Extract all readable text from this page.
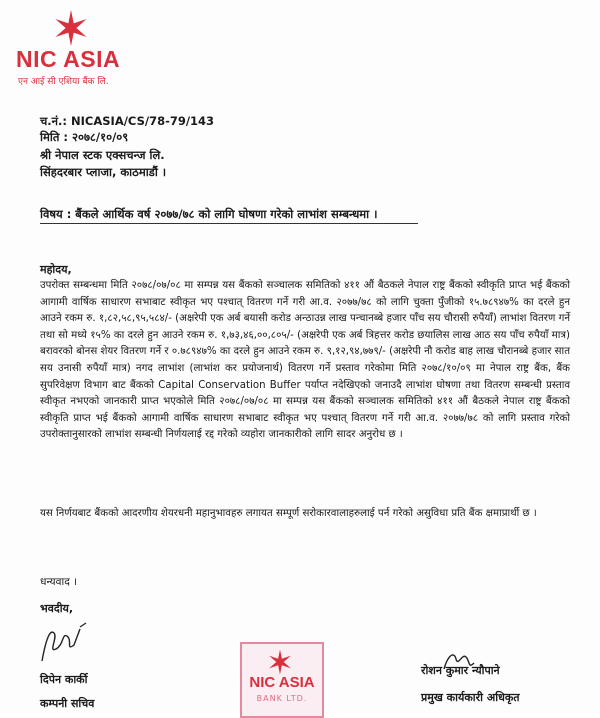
NIC ASIA
एन आई सी एशिया बैंक लि.
च.नं.: NICASIA/CS/78-79/143
मिति : २०७८/१०/०९
श्री नेपाल स्टक एक्सचन्ज लि.
सिंहदरबार प्लाजा, काठमाडौं ।
विषय : बैंकले आर्थिक वर्ष २०७७/७८ को लागि घोषणा गरेको लाभांश सम्बन्धमा ।
महोदय,
उपरोक्त सम्बन्धमा मिति २०७८/०७/०८ मा सम्पन्न यस बैंकको सञ्चालक समितिको ४११ औं बैठकले नेपाल राष्ट्र बैंकको स्वीकृति प्राप्त भई बैंकको आगामी वार्षिक साधारण सभाबाट स्वीकृत भए पश्चात् वितरण गर्ने गरी आ.व. २०७७/७८ को लागि चुक्ता पुँजीको १५.७८९४७% का दरले हुन आउने रकम रु. १,८२,५८,९५,५८४/- (अक्षरेपी एक अर्ब बयासी करोड अन्ठाउन्न लाख पन्चानब्बे हजार पाँच सय चौरासी रुपैयाँ) लाभांश वितरण गर्ने तथा सो मध्ये १५% का दरले हुन आउने रकम रु. १,७३,४६,००,८०५/- (अक्षरेपी एक अर्ब त्रिहत्तर करोड छयालिस लाख आठ सय पाँच रुपैयाँ मात्र) बरावरको बोनस शेयर वितरण गर्ने र ०.७८९४७% का दरले हुन आउने रकम रु. ९,१२,९४,७७९/- (अक्षरेपी नौ करोड बाह लाख चौरानब्बे हजार सात सय उनासी रुपैयाँ मात्र) नगद लाभांश (लाभांश कर प्रयोजनार्थ) वितरण गर्ने प्रस्ताव गरेकोमा मिति २०७८/१०/०९ मा नेपाल राष्ट्र बैंक, बैंक सुपरिवेक्षण विभाग बाट बैंकको Capital Conservation Buffer पर्याप्त नदेखिएको जनाउदै लाभांश घोषणा तथा वितरण सम्बन्धी प्रस्ताव स्वीकृत नभएको जानकारी प्राप्त भएकोले मिति २०७८/०७/०८ मा सम्पन्न यस बैंकको सञ्चालक समितिको ४११ औं बैठकले नेपाल राष्ट्र बैंकको स्वीकृति प्राप्त भई बैंकको आगामी वार्षिक साधारण सभाबाट स्वीकृत भए पश्चात् वितरण गर्ने गरी आ.व. २०७७/७८ को लागि प्रस्ताव गरेको उपरोक्तानुसारको लाभांश सम्बन्धी निर्णयलाई रद्द गरेको व्यहोरा जानकारीको लागि सादर अनुरोध छ ।
यस निर्णयबाट बैंकको आदरणीय शेयरधनी महानुभावहरु लगायत सम्पूर्ण सरोकारवालाहरुलाई पर्न गरेको असुविधा प्रति बैंक क्षमाप्रार्थी छ ।
धन्यवाद ।
भवदीय,
दिपेन कार्की
कम्पनी सचिव
रोशन कुमार न्यौपाने
प्रमुख कार्यकारी अधिकृत
NIC ASIA
BANK LTD.
